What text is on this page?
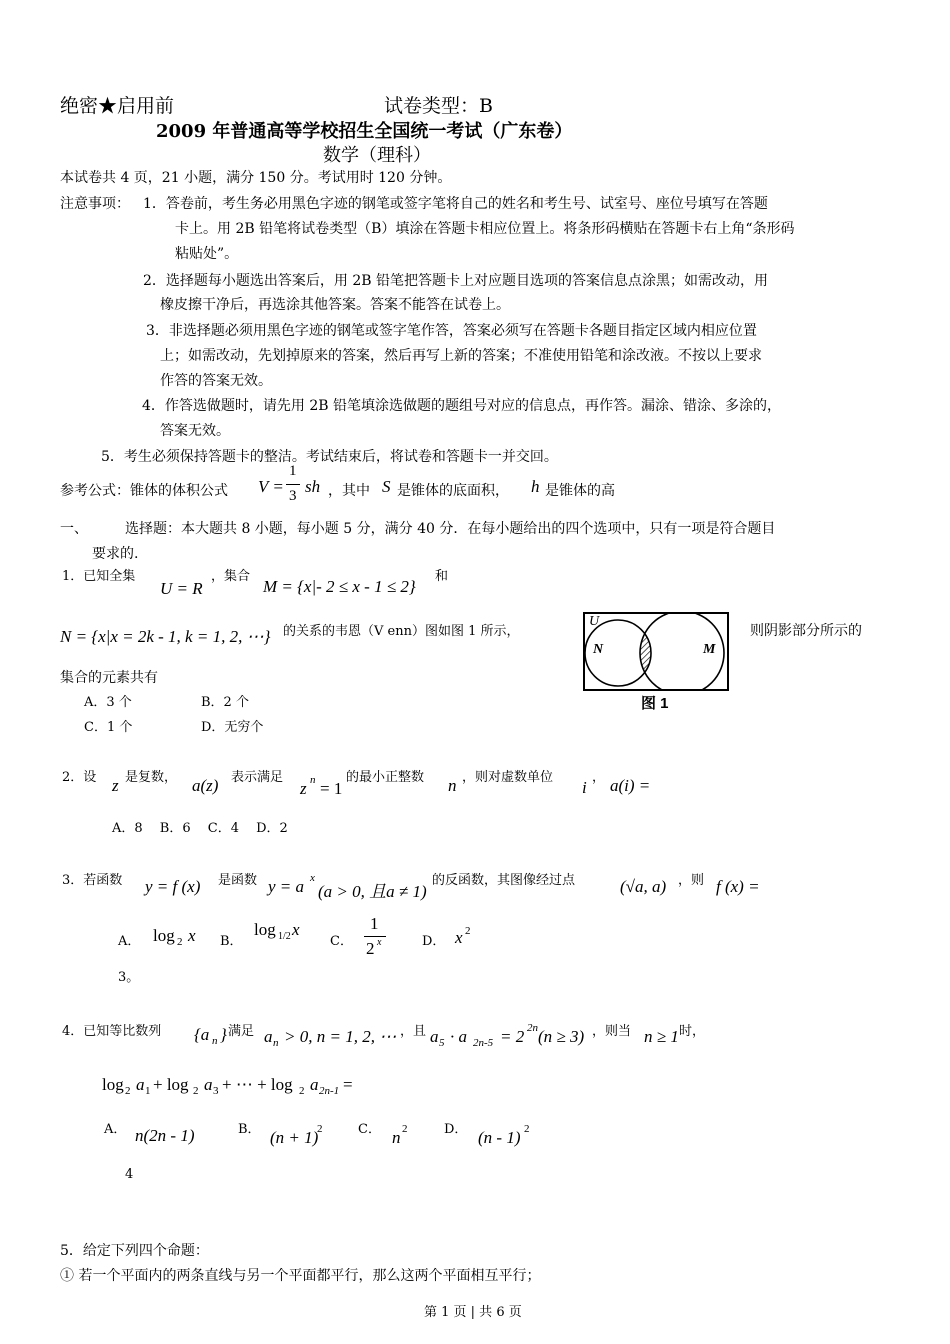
绝密★启用前	试卷类型：B
2009 年普通高等学校招生全国统一考试（广东卷）
数学（理科）
本试卷共 4 页，21 小题，满分 150 分。考试用时 120 分钟。
注意事项： 1．答卷前，考生务必用黑色字迹的钢笔或签字笔将自己的姓名和考生号、试室号、座位号填写在答题
卡上。用 2B 铅笔将试卷类型（B）填涂在答题卡相应位置上。将条形码横贴在答题卡右上角“条形码
粘贴处”。
2．选择题每小题选出答案后，用 2B 铅笔把答题卡上对应题目选项的答案信息点涂黑；如需改动，用
橡皮擦干净后，再选涂其他答案。答案不能答在试卷上。
3．非选择题必须用黑色字迹的钢笔或签字笔作答，答案必须写在答题卡各题目指定区域内相应位置
上；如需改动，先划掉原来的答案，然后再写上新的答案；不准使用铅笔和涂改液。不按以上要求
作答的答案无效。
4．作答选做题时，请先用 2B 铅笔填涂选做题的题组号对应的信息点，再作答。漏涂、错涂、多涂的，
答案无效。
5．考生必须保持答题卡的整洁。考试结束后，将试卷和答题卡一并交回。
参考公式：锥体的体积公式 V =
1
3 sh ，其中 S 是锥体的底面积， h 是锥体的高
一、	选择题：本大题共 8 小题，每小题 5 分，满分 40 分．在每小题给出的四个选项中，只有一项是符合题目
要求的.
1．已知全集
U = R
，集合
M = {x|- 2 ≤ x - 1 ≤ 2}
和
N = {x|x = 2k - 1, k = 1, 2, ⋯} 的关系的韦恩（V enn）图如图 1 所示，
U
N	M
图 1
则阴影部分所示的
集合的元素共有
A．3 个	B．2 个
C．1 个	D．无穷个
2．设 z 是复数， a(z) 表示满足
z n = 1
的最小正整数 n ，则对虚数单位
i
， a(i) =
A．8　 B．6　 C．4　 D．2
3．若函数 y = f (x) 是函数 y = a x
(a > 0, 且a ≠ 1)
的反函数，其图像经过点	(√a, a) ，则 f (x) =
A． log 2 x B．
log 1/2 x
C．
1
2 x	D． x 2
3。
4．已知等比数列 {a n } 满足 a n > 0, n = 1, 2, ⋯ ，且 a 5 · a 2n-5 = 2 2n (n ≥ 3) ，则当 n ≥ 1 时，
log 2 a 1 + log 2 a 3 + ⋯ + log 2 a 2n-1 =
A． n(2n - 1)	B． (n + 1)
2	C． n 2	D． (n - 1) 2
4
5．给定下列四个命题：
① 若一个平面内的两条直线与另一个平面都平行，那么这两个平面相互平行；
第 1 页 | 共 6 页
